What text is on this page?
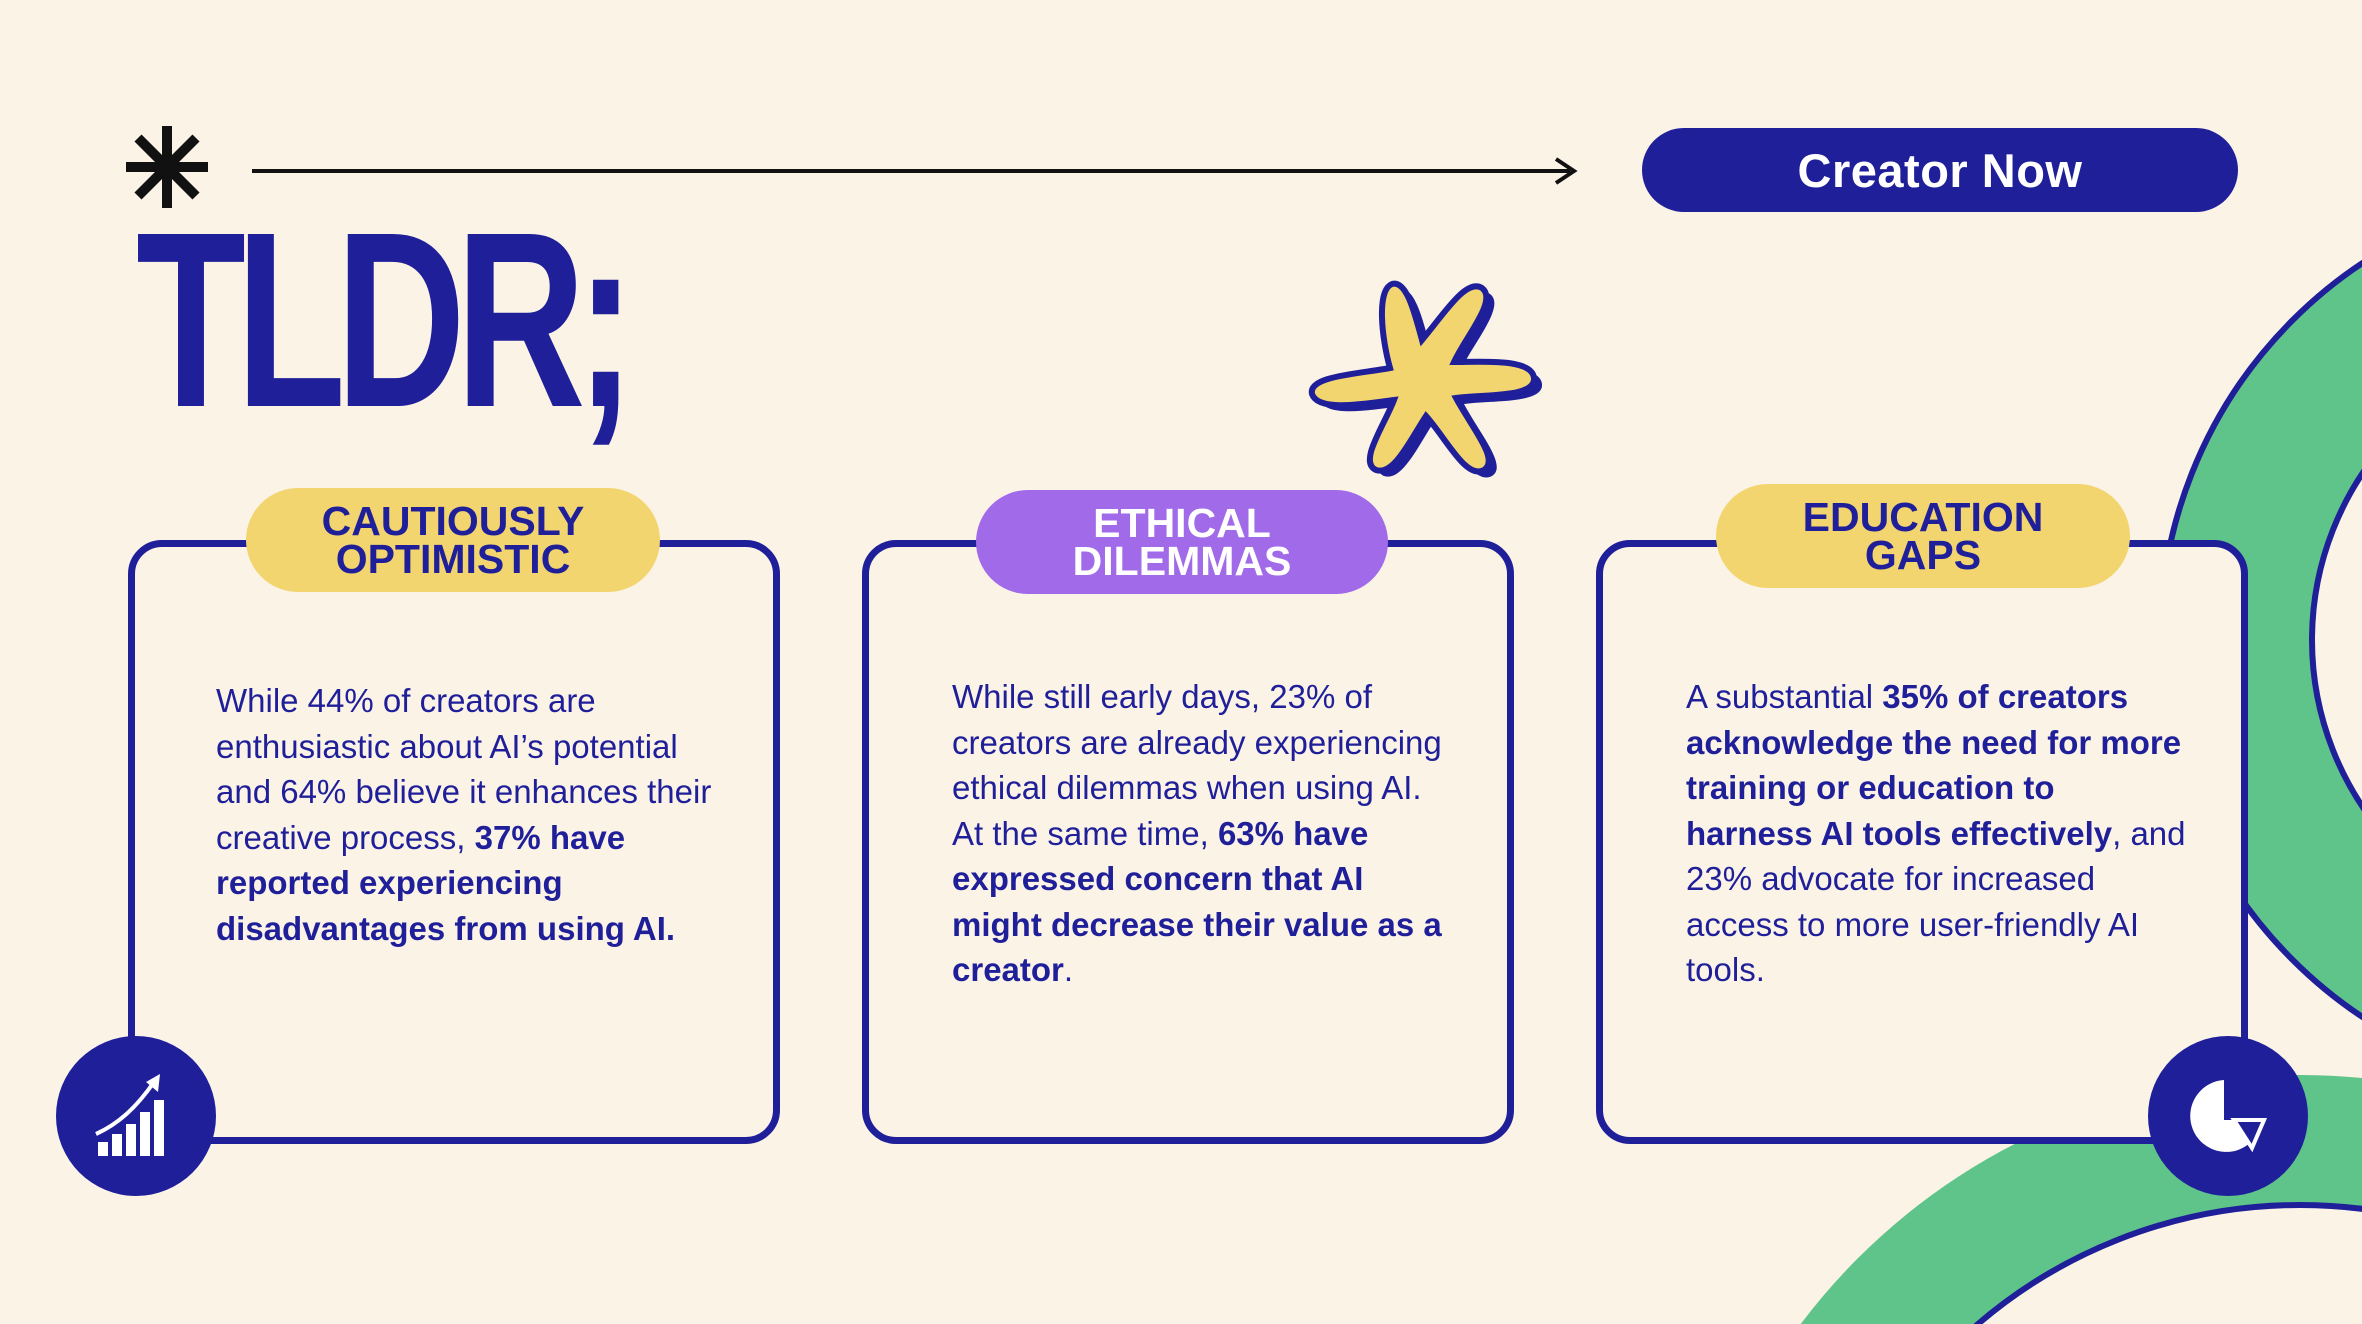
TLDR;
Creator Now
CAUTIOUSLY
OPTIMISTIC
ETHICAL
DILEMMAS
EDUCATION
GAPS
While 44% of creators are enthusiastic about AI’s potential and 64% believe it enhances their creative process, 37% have reported experiencing disadvantages from using AI.
While still early days, 23% of creators are already experiencing ethical dilemmas when using AI. At the same time, 63% have expressed concern that AI might decrease their value as a creator.
A substantial 35% of creators acknowledge the need for more training or education to harness AI tools effectively, and 23% advocate for increased access to more user-friendly AI tools.
